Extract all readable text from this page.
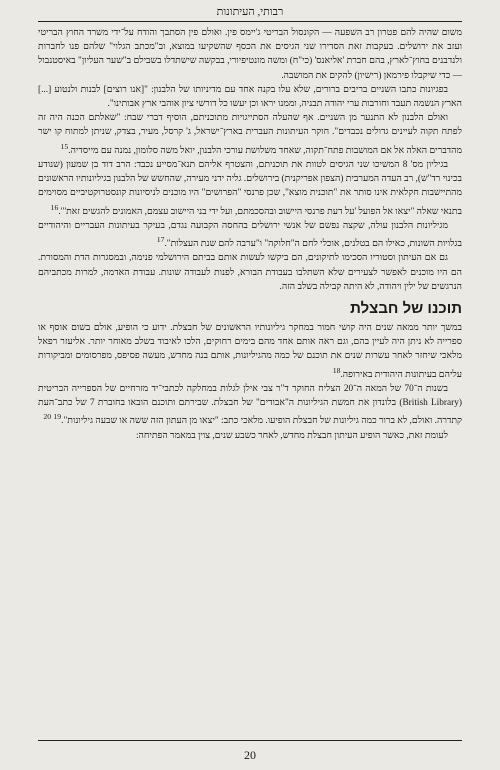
רבותי, העיתונות

משום שהיה להם פטרון רב השפעה — הקונסול הבריטי ג'יימס פין. ואולם פין הסתבך והודח על־ידי משרד החוץ הבריטי ועזב את ירושלים. בעקבות זאת הסדירו שני הגיסים את הכסף שהשקיעו במוצא, וב"מכתב הגלוי" שלהם פנו לחברות ולנדבנים בחוץ־לארץ, בהם חברת 'אליאנס' (כי"ח) ומשה מונטיפיורי, בבקשה שישתדלו בשבילם ב"שער העליון" באיסטנבול — כדי שיקבלו פירמאן (רישיון) להקים את המושבה.

בפגיונות כתבו השניים בריבים ברורים, שלא עלו בקנה אחד עם מדיניותו של הלבנון: "[אנו רוצים] לבנות ולנטוע [...] הארץ הנשמה תעבד וחורבות ערי יהודה תבניה, וממנו יראו וכן יעשו כל דורשי ציון אוהבי ארץ אבותינו".

ואולם הלבנון לא התנער מן השניים. אף שהעלה הסתייגויות מתוכניתם, הוסיף דברי שבח: "שאלתם הכנה היה זה לפתח תקוה לעיינים גדולים נכבדים". חוקר העיתונות העברית בארץ־ישראל, ג' קרסל, מעיר, בצדק, שניתן למתוח קו ישר מהדברים האלה אל אם המושבות פתח־תקוה, שאחד משלושת עורכי הלבנון, יואל משה סלומון, נמנה עם מייסדיה.$^{15}$

בגיליון מס' 8 המשיכו שני הגיסים לטוות את תוכניתם, והצטרף אליהם תנא־מסייע נכבד: הרב דוד בן שמעון (שנודע בכינוי רד"ש), רב העדה המערבית (הצפון אפריקנית) בירושלים. גליה ידני מעירה, שהחשש של הלבנון בגיליונותיו הראשונים מהתיישבות חקלאית אינו סותר את "תוכנית מוצא", שכן פרנסי "הפרושים" היו מוכנים לניסיונות קונסטרוקטיביים מסוימים בתנאי שאלה "יצאו אל הפועל 'על דעת פרנסי היישוב ובהסכמתם, ועל ידי בני היישוב עצמם, האמונים להגשים זאת'".$^{16}$

מגיליונות הלבנון עולה, שקצה נפשם של אנשי ירושלים בהחסה הקבועה נגדם, בעיקר בעיתונות העבריים והיהודיים בגלויות השונות, כאילו הם בטלנים, אוכלי לחם ה"חלוקה" ו"ערבה להם שנת העצלות".$^{17}$

גם אם העיתון וסטוריו הסכימו לתיקונים, הם ביקשו לעשות אותם בביתם הירושלמי פנימה, ובמסגרות הדת והמסורת. הם היו מוכנים לאפשר לצעירים שלא השתלבו בעבודת הבורא, לפנות לעבודה שונות. עבודת האדמה, למרות מכתביהם הנרגשים של ילין ויהודה, לא היתה קבילה בשלב הזה.

תוכנו של חבצלת

במשך יותר ממאה שנים היה קושי חמור במחקר גיליונותיו הראשונים של חבצלת. ידוע כי הופיע, אולם בשום אוסף או ספרייה לא ניתן היה לעיין בהם, וגם ראה אותם אחד מהם בימים רחוקים, הלכו לאיבוד בשלב מאוחר יותר. אליעזר רפאל מלאכי שיחזר לאחר עשרות שנים את תוכנם של כמה מהגיליונות, אותם בנה מחדש, מעשה פסיפס, מפרסומים ומביקורות עליהם בעיתונות היהודית באירופה.$^{18}$

בשנות ה־70 של המאה ה־20 הצליח החוקר ד"ר צבי אילן לגלות במחלקה לכתבי־יד מזרחיים של הספרייה הבריטית (British Library) בלונדון את חמשת הגיליונות ה"אבודים" של חבצלת. שבירתם ותוכנם הובאו בחוברת 7 של כתב־העת קתדרה. ואולם, לא ברור כמה גיליונות של חבצלת הופיעו. מלאכי כתב: "יצאו מן העתון הזה ששה או שבעה גיליונות".$^{19}$ $^{20}$

לעומת זאת, כאשר הופיע העיתון חבצלת מחדש, לאחר כשבע שנים, צוין במאמר הפתיחה:

20
